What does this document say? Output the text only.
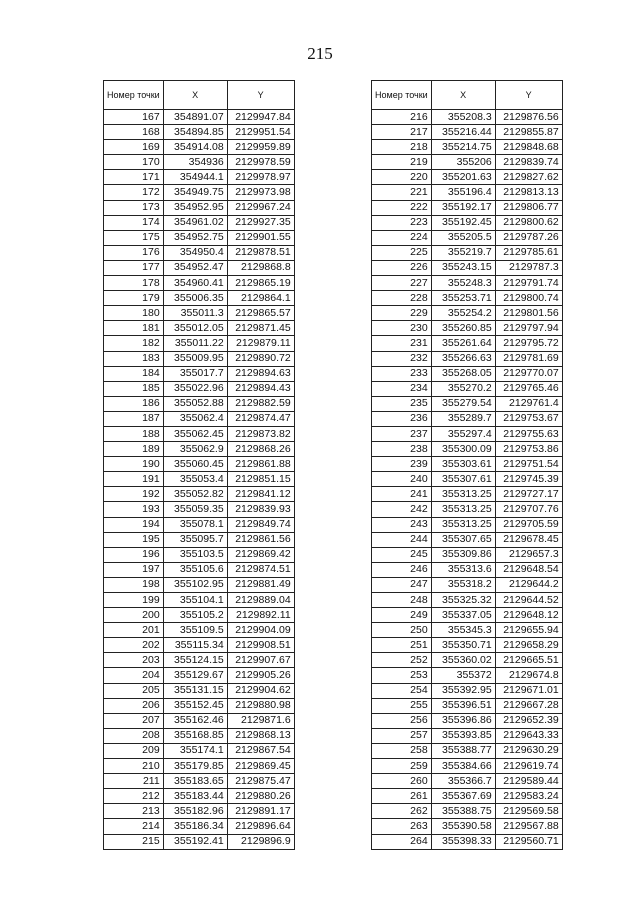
215
Номер точки	X	Y
167	354891.07	2129947.84
168	354894.85	2129951.54
169	354914.08	2129959.89
170	354936	2129978.59
171	354944.1	2129978.97
172	354949.75	2129973.98
173	354952.95	2129967.24
174	354961.02	2129927.35
175	354952.75	2129901.55
176	354950.4	2129878.51
177	354952.47	2129868.8
178	354960.41	2129865.19
179	355006.35	2129864.1
180	355011.3	2129865.57
181	355012.05	2129871.45
182	355011.22	2129879.11
183	355009.95	2129890.72
184	355017.7	2129894.63
185	355022.96	2129894.43
186	355052.88	2129882.59
187	355062.4	2129874.47
188	355062.45	2129873.82
189	355062.9	2129868.26
190	355060.45	2129861.88
191	355053.4	2129851.15
192	355052.82	2129841.12
193	355059.35	2129839.93
194	355078.1	2129849.74
195	355095.7	2129861.56
196	355103.5	2129869.42
197	355105.6	2129874.51
198	355102.95	2129881.49
199	355104.1	2129889.04
200	355105.2	2129892.11
201	355109.5	2129904.09
202	355115.34	2129908.51
203	355124.15	2129907.67
204	355129.67	2129905.26
205	355131.15	2129904.62
206	355152.45	2129880.98
207	355162.46	2129871.6
208	355168.85	2129868.13
209	355174.1	2129867.54
210	355179.85	2129869.45
211	355183.65	2129875.47
212	355183.44	2129880.26
213	355182.96	2129891.17
214	355186.34	2129896.64
215	355192.41	2129896.9
Номер точки	X	Y
216	355208.3	2129876.56
217	355216.44	2129855.87
218	355214.75	2129848.68
219	355206	2129839.74
220	355201.63	2129827.62
221	355196.4	2129813.13
222	355192.17	2129806.77
223	355192.45	2129800.62
224	355205.5	2129787.26
225	355219.7	2129785.61
226	355243.15	2129787.3
227	355248.3	2129791.74
228	355253.71	2129800.74
229	355254.2	2129801.56
230	355260.85	2129797.94
231	355261.64	2129795.72
232	355266.63	2129781.69
233	355268.05	2129770.07
234	355270.2	2129765.46
235	355279.54	2129761.4
236	355289.7	2129753.67
237	355297.4	2129755.63
238	355300.09	2129753.86
239	355303.61	2129751.54
240	355307.61	2129745.39
241	355313.25	2129727.17
242	355313.25	2129707.76
243	355313.25	2129705.59
244	355307.65	2129678.45
245	355309.86	2129657.3
246	355313.6	2129648.54
247	355318.2	2129644.2
248	355325.32	2129644.52
249	355337.05	2129648.12
250	355345.3	2129655.94
251	355350.71	2129658.29
252	355360.02	2129665.51
253	355372	2129674.8
254	355392.95	2129671.01
255	355396.51	2129667.28
256	355396.86	2129652.39
257	355393.85	2129643.33
258	355388.77	2129630.29
259	355384.66	2129619.74
260	355366.7	2129589.44
261	355367.69	2129583.24
262	355388.75	2129569.58
263	355390.58	2129567.88
264	355398.33	2129560.71
